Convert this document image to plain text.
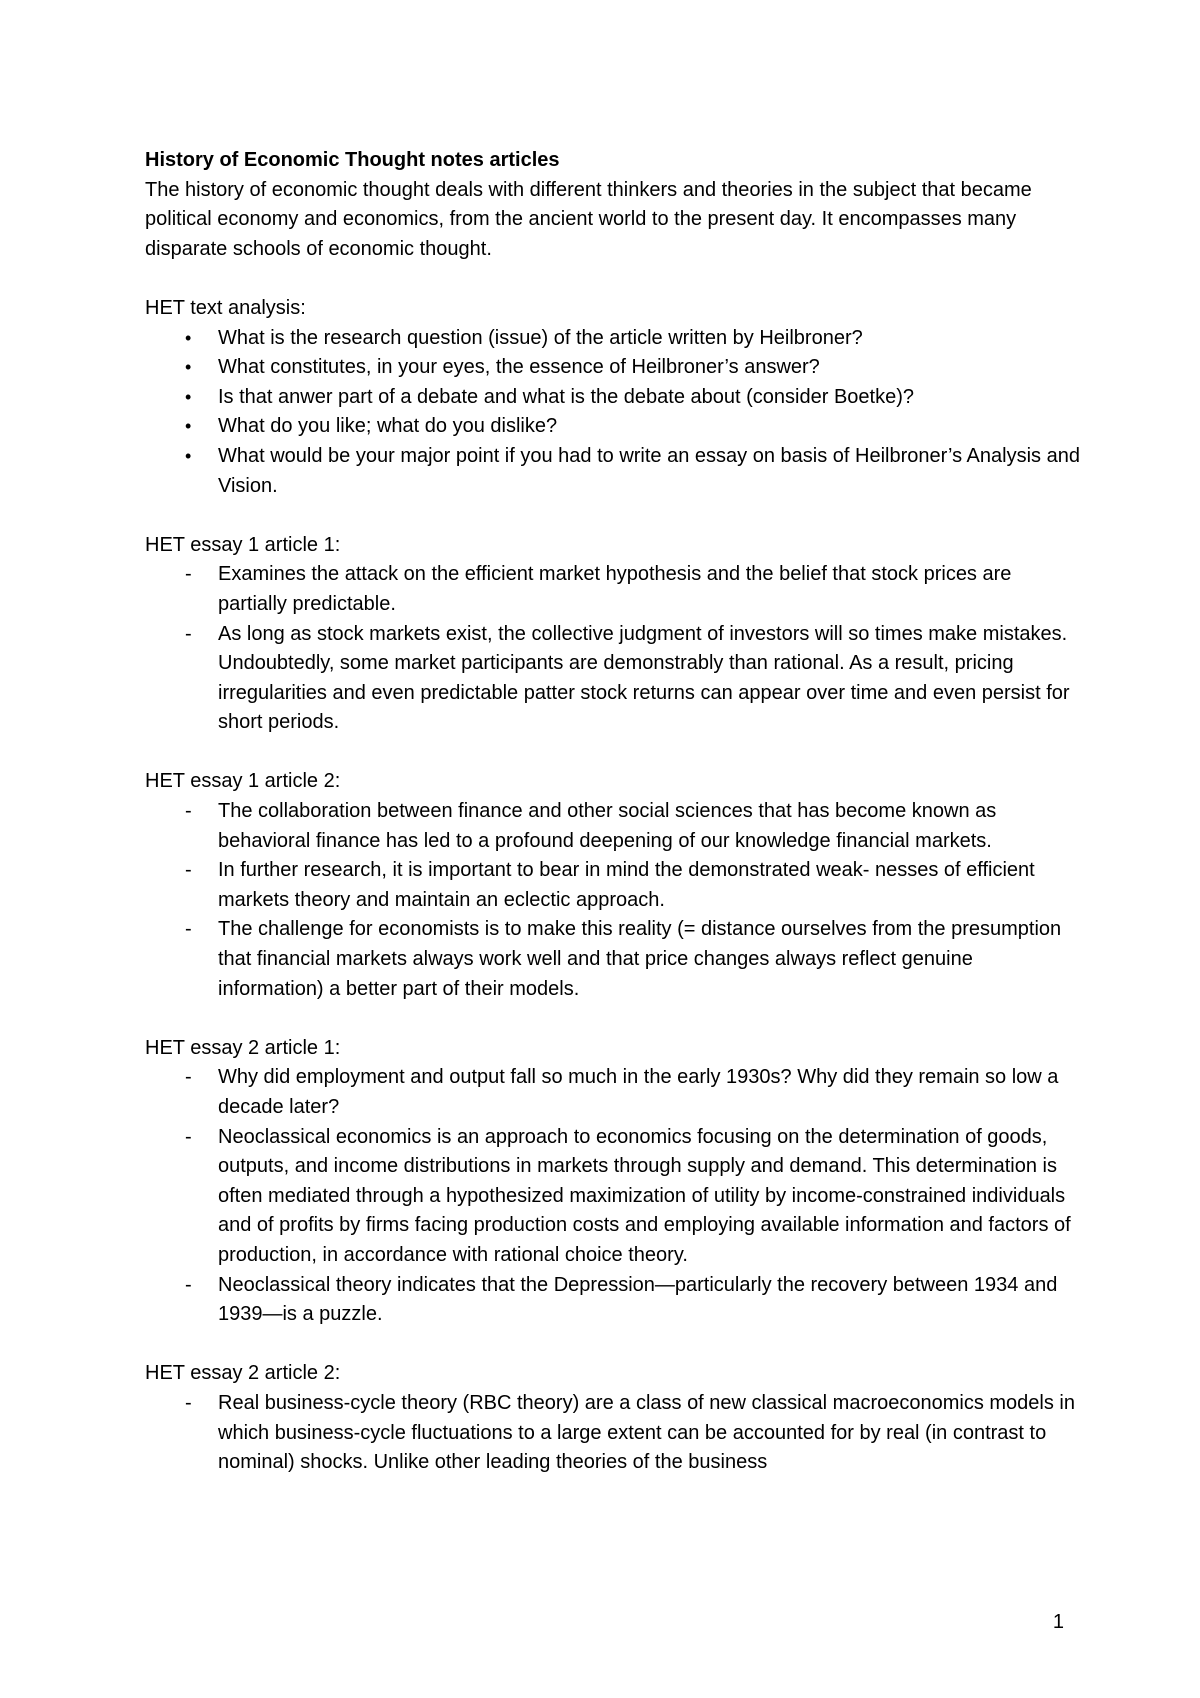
History of Economic Thought notes articles

The history of economic thought deals with different thinkers and theories in the subject that became political economy and economics, from the ancient world to the present day. It encompasses many disparate schools of economic thought.

HET text analysis:

• What is the research question (issue) of the article written by Heilbroner?
• What constitutes, in your eyes, the essence of Heilbroner’s answer?
• Is that anwer part of a debate and what is the debate about (consider Boetke)?
• What do you like; what do you dislike?
• What would be your major point if you had to write an essay on basis of Heilbroner’s Analysis and Vision.

HET essay 1 article 1:

- Examines the attack on the efficient market hypothesis and the belief that stock prices are partially predictable.
- As long as stock markets exist, the collective judgment of investors will so times make mistakes. Undoubtedly, some market participants are demonstrably than rational. As a result, pricing irregularities and even predictable patter stock returns can appear over time and even persist for short periods.

HET essay 1 article 2:

- The collaboration between finance and other social sciences that has become known as behavioral finance has led to a profound deepening of our knowledge financial markets.
- In further research, it is important to bear in mind the demonstrated weak- nesses of efficient markets theory and maintain an eclectic approach.
- The challenge for economists is to make this reality (= distance ourselves from the presumption that financial markets always work well and that price changes always reflect genuine information) a better part of their models.

HET essay 2 article 1:

- Why did employment and output fall so much in the early 1930s? Why did they remain so low a decade later?
- Neoclassical economics is an approach to economics focusing on the determination of goods, outputs, and income distributions in markets through supply and demand. This determination is often mediated through a hypothesized maximization of utility by income-constrained individuals and of profits by firms facing production costs and employing available information and factors of production, in accordance with rational choice theory.
- Neoclassical theory indicates that the Depression—particularly the recovery between 1934 and 1939—is a puzzle.

HET essay 2 article 2:

- Real business-cycle theory (RBC theory) are a class of new classical macroeconomics models in which business-cycle fluctuations to a large extent can be accounted for by real (in contrast to nominal) shocks. Unlike other leading theories of the business
1
